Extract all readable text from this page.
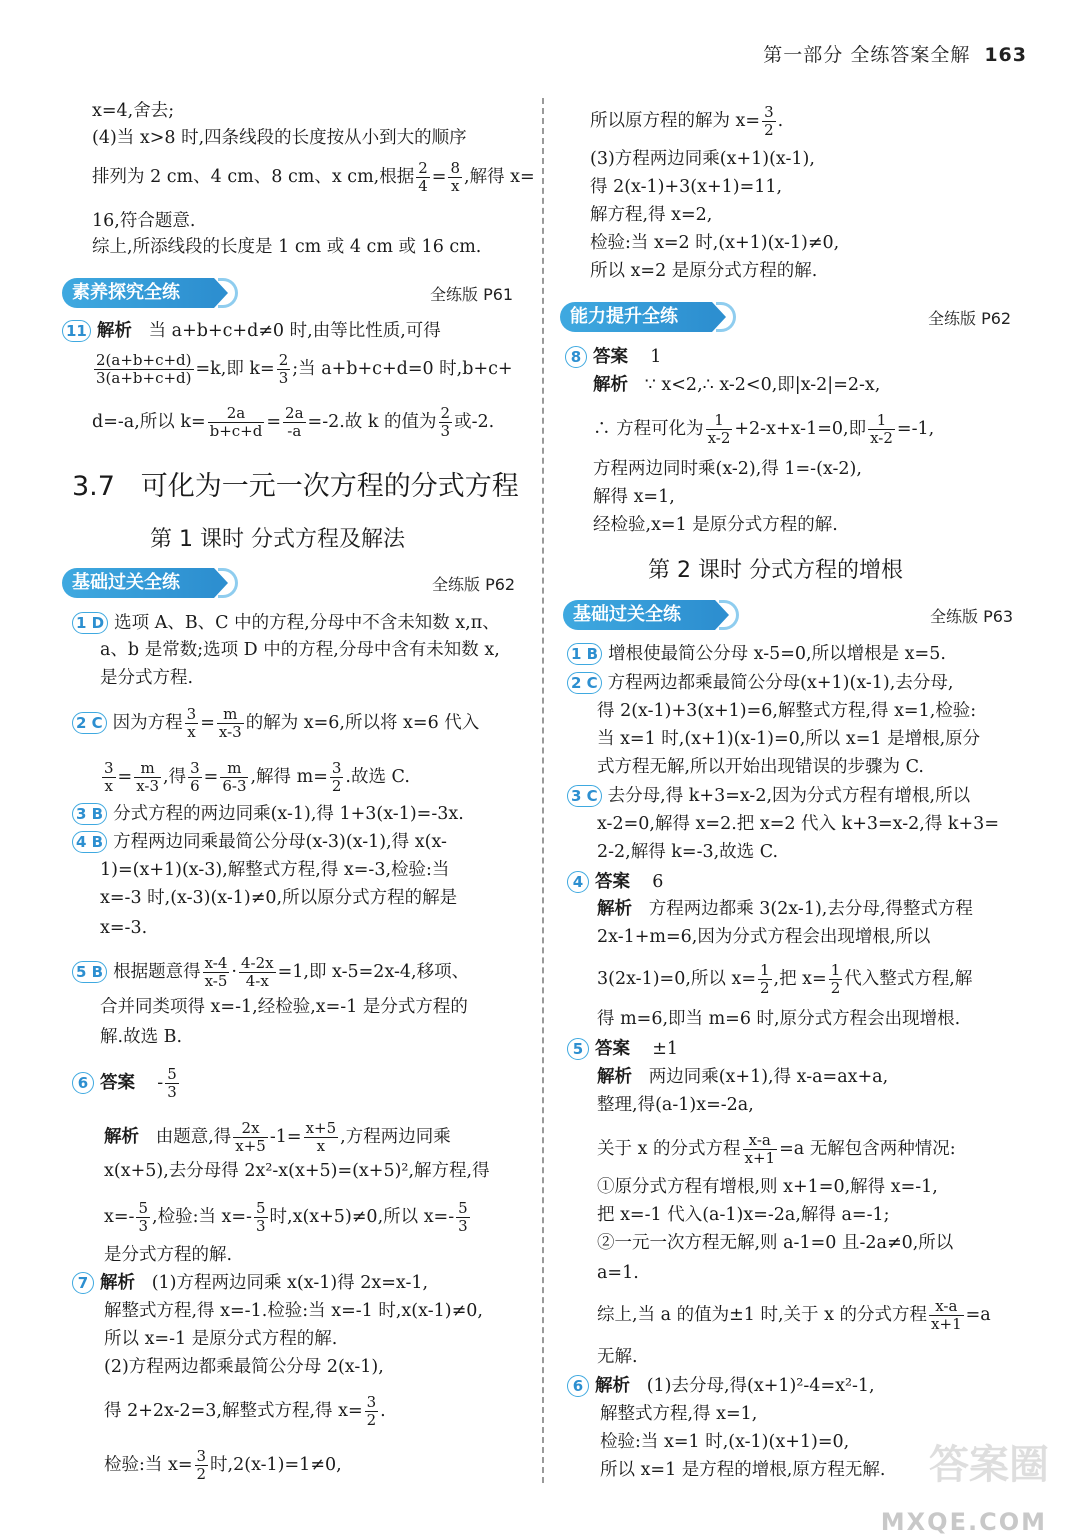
第一部分 全练答案全解 163
x=4,舍去;
(4)当 x>8 时,四条线段的长度按从小到大的顺序
排列为 2 cm、4 cm、8 cm、x cm,根据 $\frac{2}{4} = \frac{8}{x}$ ,解得 x=
16,符合题意.
综上,所添线段的长度是 1 cm 或 4 cm 或 16 cm.
素养探究全练	全练版 P61
11 解析 当 a+b+c+d≠0 时,由等比性质,可得
$\frac{2(a+b+c+d)}{3(a+b+c+d)} =k$,即 $k= \frac{2}{3}$ ;当 a+b+c+d=0 时,b+c+
d=-a,所以 $k= \frac{2a}{b+c+d} = \frac{2a}{-a} =-2$.故 k 的值为 $\frac{2}{3}$ 或-2.
3.7 可化为一元一次方程的分式方程
第 1 课时 分式方程及解法
基础过关全练	全练版 P62
1 D 选项 A、B、C 中的方程,分母中不含未知数 x,π、
a、b 是常数;选项 D 中的方程,分母中含有未知数 x,
是分式方程.
2 C 因为方程 $\frac{3}{x} = \frac{m}{x-3}$ 的解为 x=6,所以将 x=6 代入
$\frac{3}{x} = \frac{m}{x-3}$ ,得 $\frac{3}{6} = \frac{m}{6-3}$ ,解得 $m= \frac{3}{2}$ .故选 C.
3 B 分式方程的两边同乘(x-1),得 1+3(x-1)=-3x.
4 B 方程两边同乘最简公分母(x-3)(x-1),得 x(x-
1)=(x+1)(x-3),解整式方程,得 x=-3,检验:当
x=-3 时,(x-3)(x-1)≠0,所以原分式方程的解是
x=-3.
5 B 根据题意得 $\frac{x-4}{x-5} \cdot \frac{4-2x}{4-x} =1$,即 x-5=2x-4,移项、
合并同类项得 x=-1,经检验,x=-1 是分式方程的
解.故选 B.
6 答案 - $\frac{5}{3}$
解析 由题意,得 $\frac{2x}{x+5} -1= \frac{x+5}{x}$ ,方程两边同乘
x(x+5),去分母得 2x²-x(x+5)=(x+5)²,解方程,得
$x=- \frac{5}{3}$ ,检验:当 $x=- \frac{5}{3}$ 时,x(x+5)≠0,所以 $x=- \frac{5}{3}$
是分式方程的解.
7 解析 (1)方程两边同乘 x(x-1)得 2x=x-1,
解整式方程,得 x=-1.检验:当 x=-1 时,x(x-1)≠0,
所以 x=-1 是原分式方程的解.
(2)方程两边都乘最简公分母 2(x-1),
得 2+2x-2=3,解整式方程,得 $x= \frac{3}{2}$ .
检验:当 $x= \frac{3}{2}$ 时,2(x-1)=1≠0,
所以原方程的解为 $x= \frac{3}{2}$ .
(3)方程两边同乘(x+1)(x-1),
得 2(x-1)+3(x+1)=11,
解方程,得 x=2,
检验:当 x=2 时,(x+1)(x-1)≠0,
所以 x=2 是原分式方程的解.
能力提升全练	全练版 P62
8 答案 1
解析 ∵ x<2,∴ x-2<0,即|x-2|=2-x,
∴ 方程可化为 $\frac{1}{x-2} +2-x+x-1=0$,即 $\frac{1}{x-2} =-1$,
方程两边同时乘(x-2),得 1=-(x-2),
解得 x=1,
经检验,x=1 是原分式方程的解.
第 2 课时 分式方程的增根
基础过关全练	全练版 P63
1 B 增根使最简公分母 x-5=0,所以增根是 x=5.
2 C 方程两边都乘最简公分母(x+1)(x-1),去分母,
得 2(x-1)+3(x+1)=6,解整式方程,得 x=1,检验:
当 x=1 时,(x+1)(x-1)=0,所以 x=1 是增根,原分
式方程无解,所以开始出现错误的步骤为 C.
3 C 去分母,得 k+3=x-2,因为分式方程有增根,所以
x-2=0,解得 x=2.把 x=2 代入 k+3=x-2,得 k+3=
2-2,解得 k=-3,故选 C.
4 答案 6
解析 方程两边都乘 3(2x-1),去分母,得整式方程
2x-1+m=6,因为分式方程会出现增根,所以
3(2x-1)=0,所以 $x= \frac{1}{2}$ ,把 $x= \frac{1}{2}$ 代入整式方程,解
得 m=6,即当 m=6 时,原分式方程会出现增根.
5 答案 ±1
解析 两边同乘(x+1),得 x-a=ax+a,
整理,得(a-1)x=-2a,
关于 x 的分式方程 $\frac{x-a}{x+1} =a$ 无解包含两种情况:
①原分式方程有增根,则 x+1=0,解得 x=-1,
把 x=-1 代入(a-1)x=-2a,解得 a=-1;
②一元一次方程无解,则 a-1=0 且-2a≠0,所以
a=1.
综上,当 a 的值为±1 时,关于 x 的分式方程 $\frac{x-a}{x+1} =a$
无解.
6 解析 (1)去分母,得(x+1)²-4=x²-1,
解整式方程,得 x=1,
检验:当 x=1 时,(x-1)(x+1)=0,
所以 x=1 是方程的增根,原方程无解. 答案圈
MXQE.COM
